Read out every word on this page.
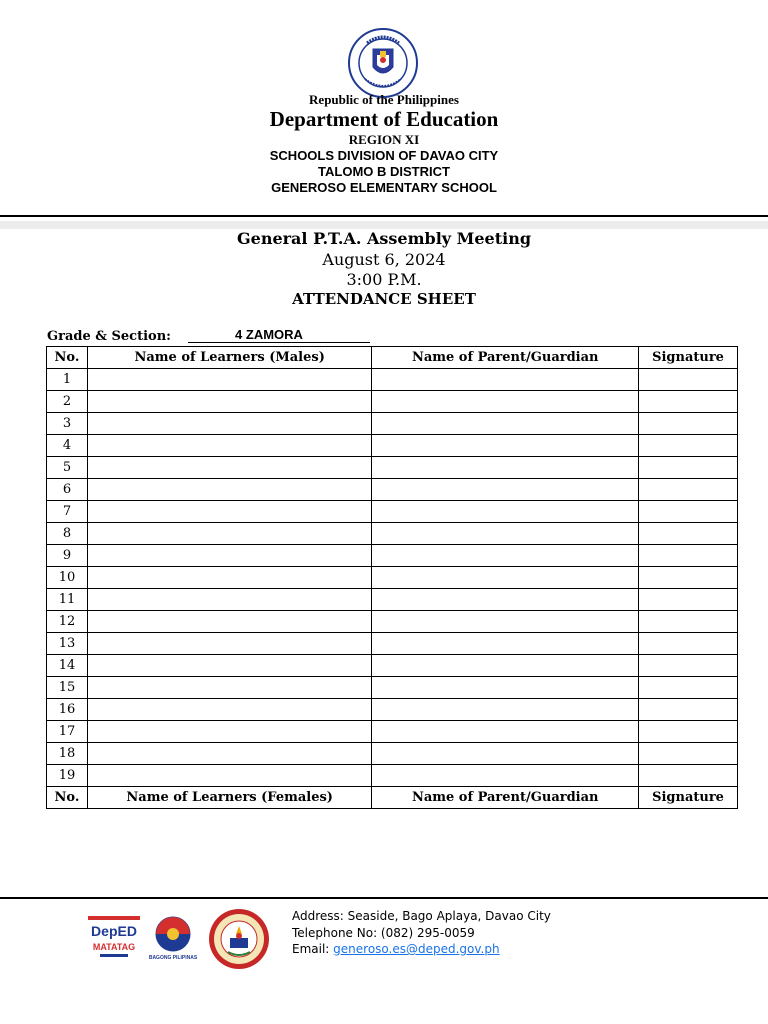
Republic of the Philippines
Department of Education
REGION XI
SCHOOLS DIVISION OF DAVAO CITY
TALOMO B DISTRICT
GENEROSO ELEMENTARY SCHOOL
General P.T.A. Assembly Meeting
August 6, 2024
3:00 P.M.
ATTENDANCE SHEET
Grade & Section:	4 ZAMORA
No.	Name of Learners (Males)	Name of Parent/Guardian	Signature
1			
2			
3			
4			
5			
6			
7			
8			
9			
10			
11			
12			
13			
14			
15			
16			
17			
18			
19			
No.	Name of Learners (Females)	Name of Parent/Guardian	Signature
DepED
MATATAG
BAGONG PILIPINAS
Address: Seaside, Bago Aplaya, Davao City
Telephone No: (082) 295-0059
Email: generoso.es@deped.gov.ph
